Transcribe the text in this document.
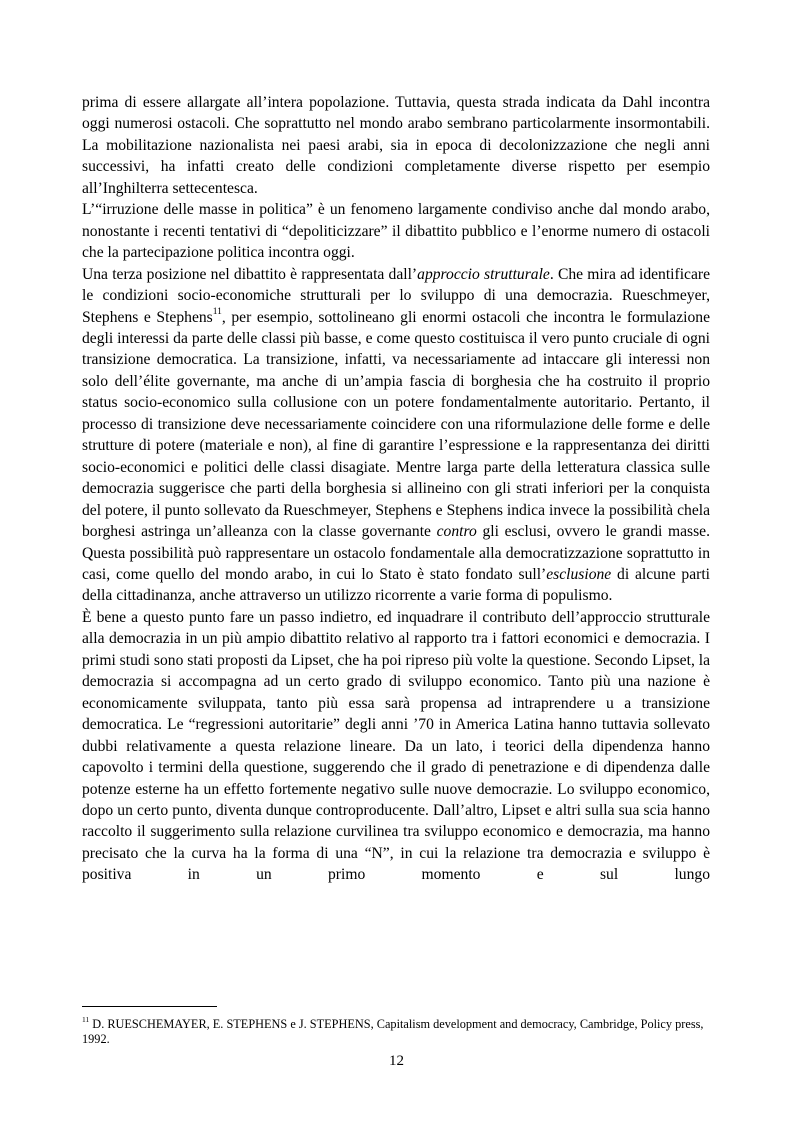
prima di essere allargate all’intera popolazione. Tuttavia, questa strada indicata da Dahl incontra oggi numerosi ostacoli. Che soprattutto nel mondo arabo sembrano particolarmente insormontabili. La mobilitazione nazionalista nei paesi arabi, sia in epoca di decolonizzazione che negli anni successivi, ha infatti creato delle condizioni completamente diverse rispetto per esempio all’Inghilterra settecentesca.

L’“irruzione delle masse in politica” è un fenomeno largamente condiviso anche dal mondo arabo, nonostante i recenti tentativi di “depoliticizzare” il dibattito pubblico e l’enorme numero di ostacoli che la partecipazione politica incontra oggi.

Una terza posizione nel dibattito è rappresentata dall’approccio strutturale. Che mira ad identificare le condizioni socio-economiche strutturali per lo sviluppo di una democrazia. Rueschmeyer, Stephens e Stephens$^{11}$, per esempio, sottolineano gli enormi ostacoli che incontra le formulazione degli interessi da parte delle classi più basse, e come questo costituisca il vero punto cruciale di ogni transizione democratica. La transizione, infatti, va necessariamente ad intaccare gli interessi non solo dell’élite governante, ma anche di un’ampia fascia di borghesia che ha costruito il proprio status socio-economico sulla collusione con un potere fondamentalmente autoritario. Pertanto, il processo di transizione deve necessariamente coincidere con una riformulazione delle forme e delle strutture di potere (materiale e non), al fine di garantire l’espressione e la rappresentanza dei diritti socio-economici e politici delle classi disagiate. Mentre larga parte della letteratura classica sulle democrazia suggerisce che parti della borghesia si allineino con gli strati inferiori per la conquista del potere, il punto sollevato da Rueschmeyer, Stephens e Stephens indica invece la possibilità chela borghesi astringa un’alleanza con la classe governante contro gli esclusi, ovvero le grandi masse. Questa possibilità può rappresentare un ostacolo fondamentale alla democratizzazione soprattutto in casi, come quello del mondo arabo, in cui lo Stato è stato fondato sull’esclusione di alcune parti della cittadinanza, anche attraverso un utilizzo ricorrente a varie forma di populismo.

È bene a questo punto fare un passo indietro, ed inquadrare il contributo dell’approccio strutturale alla democrazia in un più ampio dibattito relativo al rapporto tra i fattori economici e democrazia. I primi studi sono stati proposti da Lipset, che ha poi ripreso più volte la questione. Secondo Lipset, la democrazia si accompagna ad un certo grado di sviluppo economico. Tanto più una nazione è economicamente sviluppata, tanto più essa sarà propensa ad intraprendere u a transizione democratica. Le “regressioni autoritarie” degli anni ’70 in America Latina hanno tuttavia sollevato dubbi relativamente a questa relazione lineare. Da un lato, i teorici della dipendenza hanno capovolto i termini della questione, suggerendo che il grado di penetrazione e di dipendenza dalle potenze esterne ha un effetto fortemente negativo sulle nuove democrazie. Lo sviluppo economico, dopo un certo punto, diventa dunque controproducente. Dall’altro, Lipset e altri sulla sua scia hanno raccolto il suggerimento sulla relazione curvilinea tra sviluppo economico e democrazia, ma hanno precisato che la curva ha la forma di una “N”, in cui la relazione tra democrazia e sviluppo è positiva in un primo momento e sul lungo

$^{11}$ D. RUESCHEMAYER, E. STEPHENS e J. STEPHENS, Capitalism development and democracy, Cambridge, Policy press, 1992.

12
